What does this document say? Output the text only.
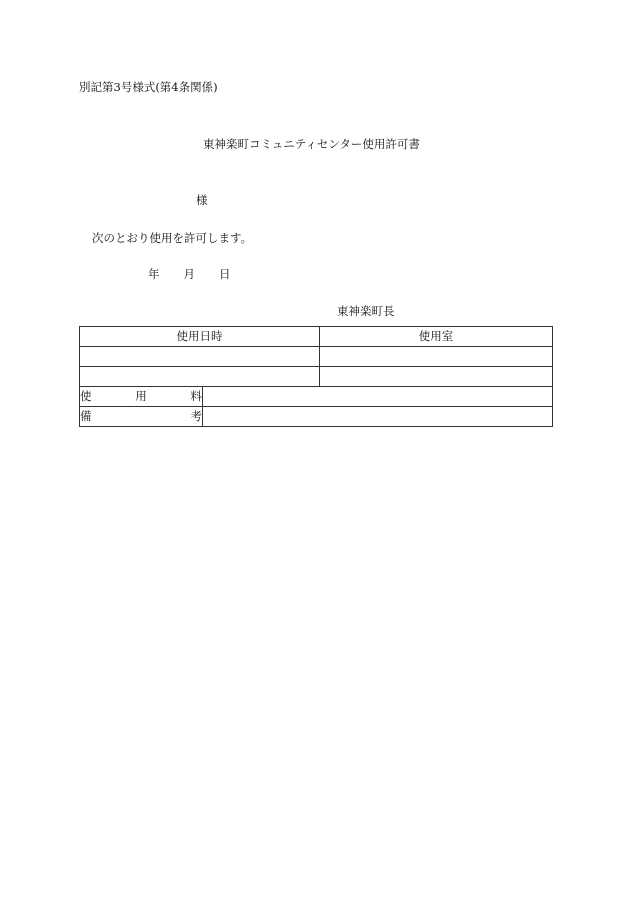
別記第3号様式(第4条関係)
東神楽町コミュニティセンター使用許可書
様
次のとおり使用を許可します。
年 月 日
東神楽町長
使用日時		使用室

使 用 料		

備 考		
